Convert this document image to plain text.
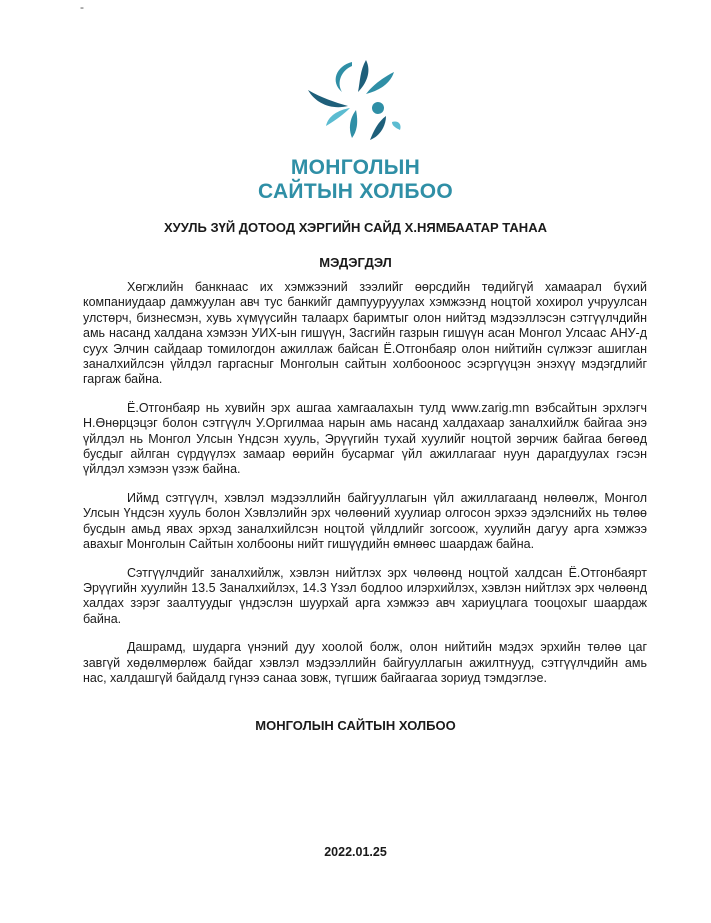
-
МОНГОЛЫН
САЙТЫН ХОЛБОО
ХУУЛЬ ЗҮЙ ДОТООД ХЭРГИЙН САЙД Х.НЯМБААТАР ТАНАА
МЭДЭГДЭЛ

Хөгжлийн банкнаас их хэмжээний зээлийг өөрсдийн төдийгүй хамаарал бүхий компаниудаар дамжуулан авч тус банкийг дампуурууулах хэмжээнд ноцтой хохирол учруулсан улстөрч, бизнесмэн, хувь хүмүүсийн талаарх баримтыг олон нийтэд мэдээллэсэн сэтгүүлчдийн амь насанд халдана хэмээн УИХ-ын гишүүн, Засгийн газрын гишүүн асан Монгол Улсаас АНУ-д суух Элчин сайдаар томилогдон ажиллаж байсан Ё.Отгонбаяр олон нийтийн сүлжээг ашиглан заналхийлсэн үйлдэл гаргасныг Монголын сайтын холбооноос эсэргүүцэн энэхүү мэдэгдлийг гаргаж байна.

Ё.Отгонбаяр нь хувийн эрх ашгаа хамгаалахын тулд www.zarig.mn вэбсайтын эрхлэгч Н.Өнөрцэцэг болон сэтгүүлч У.Оргилмаа нарын амь насанд халдахаар заналхийлж байгаа энэ үйлдэл нь Монгол Улсын Үндсэн хууль, Эрүүгийн тухай хуулийг ноцтой зөрчиж байгаа бөгөөд бусдыг айлган сүрдүүлэх замаар өөрийн бусармаг үйл ажиллагааг нуун дарагдуулах гэсэн үйлдэл хэмээн үзэж байна.

Иймд сэтгүүлч, хэвлэл мэдээллийн байгууллагын үйл ажиллагаанд нөлөөлж, Монгол Улсын Үндсэн хууль болон Хэвлэлийн эрх чөлөөний хуулиар олгосон эрхээ эдэлснийх нь төлөө бусдын амьд явах эрхэд заналхийлсэн ноцтой үйлдлийг зогсоож, хуулийн дагуу арга хэмжээ авахыг Монголын Сайтын холбооны нийт гишүүдийн өмнөөс шаардаж байна.

Сэтгүүлчдийг заналхийлж, хэвлэн нийтлэх эрх чөлөөнд ноцтой халдсан Ё.Отгонбаярт Эрүүгийн хуулийн 13.5 Заналхийлэх, 14.3 Үзэл бодлоо илэрхийлэх, хэвлэн нийтлэх эрх чөлөөнд халдах зэрэг заалтуудыг үндэслэн шуурхай арга хэмжээ авч хариуцлага тооцохыг шаардаж байна.

Дашрамд, шударга үнэний дуу хоолой болж, олон нийтийн мэдэх эрхийн төлөө цаг завгүй хөдөлмөрлөж байдаг хэвлэл мэдээллийн байгууллагын ажилтнууд, сэтгүүлчдийн амь нас, халдашгүй байдалд гүнээ санаа зовж, түгшиж байгаагаа зориуд тэмдэглэе.

МОНГОЛЫН САЙТЫН ХОЛБОО
2022.01.25
